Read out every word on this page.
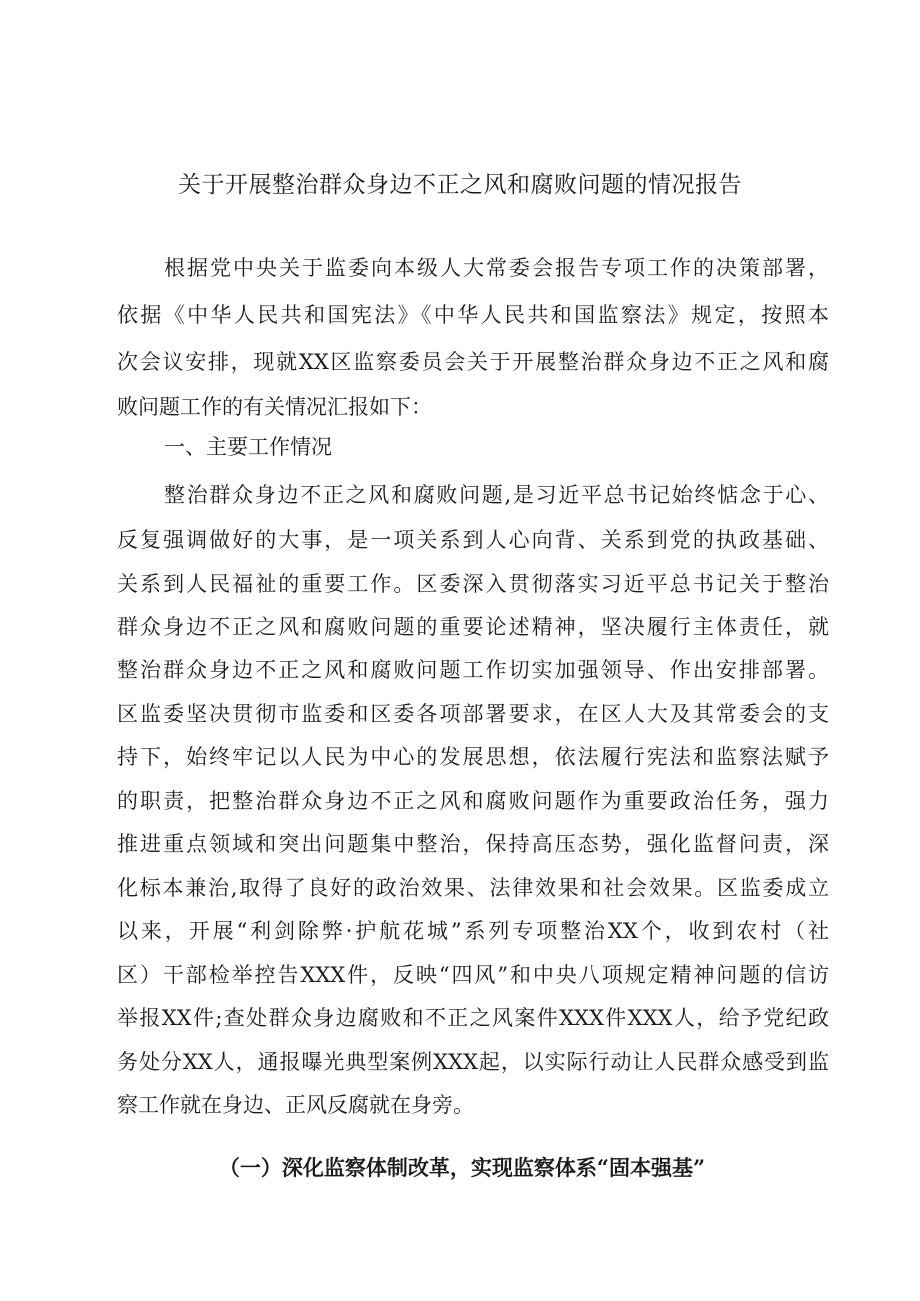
关于开展整治群众身边不正之风和腐败问题的情况报告

根据党中央关于监委向本级人大常委会报告专项工作的决策部署，

依据《中华人民共和国宪法》《中华人民共和国监察法》规定，按照本

次会议安排，现就XX区监察委员会关于开展整治群众身边不正之风和腐

败问题工作的有关情况汇报如下：

一、主要工作情况

整治群众身边不正之风和腐败问题,是习近平总书记始终惦念于心、

反复强调做好的大事，是一项关系到人心向背、关系到党的执政基础、

关系到人民福祉的重要工作。区委深入贯彻落实习近平总书记关于整治

群众身边不正之风和腐败问题的重要论述精神，坚决履行主体责任，就

整治群众身边不正之风和腐败问题工作切实加强领导、作出安排部署。

区监委坚决贯彻市监委和区委各项部署要求，在区人大及其常委会的支

持下，始终牢记以人民为中心的发展思想，依法履行宪法和监察法赋予

的职责，把整治群众身边不正之风和腐败问题作为重要政治任务，强力

推进重点领域和突出问题集中整治，保持高压态势，强化监督问责，深

化标本兼治,取得了良好的政治效果、法律效果和社会效果。区监委成立

以来，开展“利剑除弊·护航花城”系列专项整治XX个，收到农村（社

区）干部检举控告XXX件，反映“四风”和中央八项规定精神问题的信访

举报XX件;查处群众身边腐败和不正之风案件XXX件XXX人，给予党纪政

务处分XX人，通报曝光典型案例XXX起，以实际行动让人民群众感受到监

察工作就在身边、正风反腐就在身旁。

（一）深化监察体制改革，实现监察体系“固本强基”
